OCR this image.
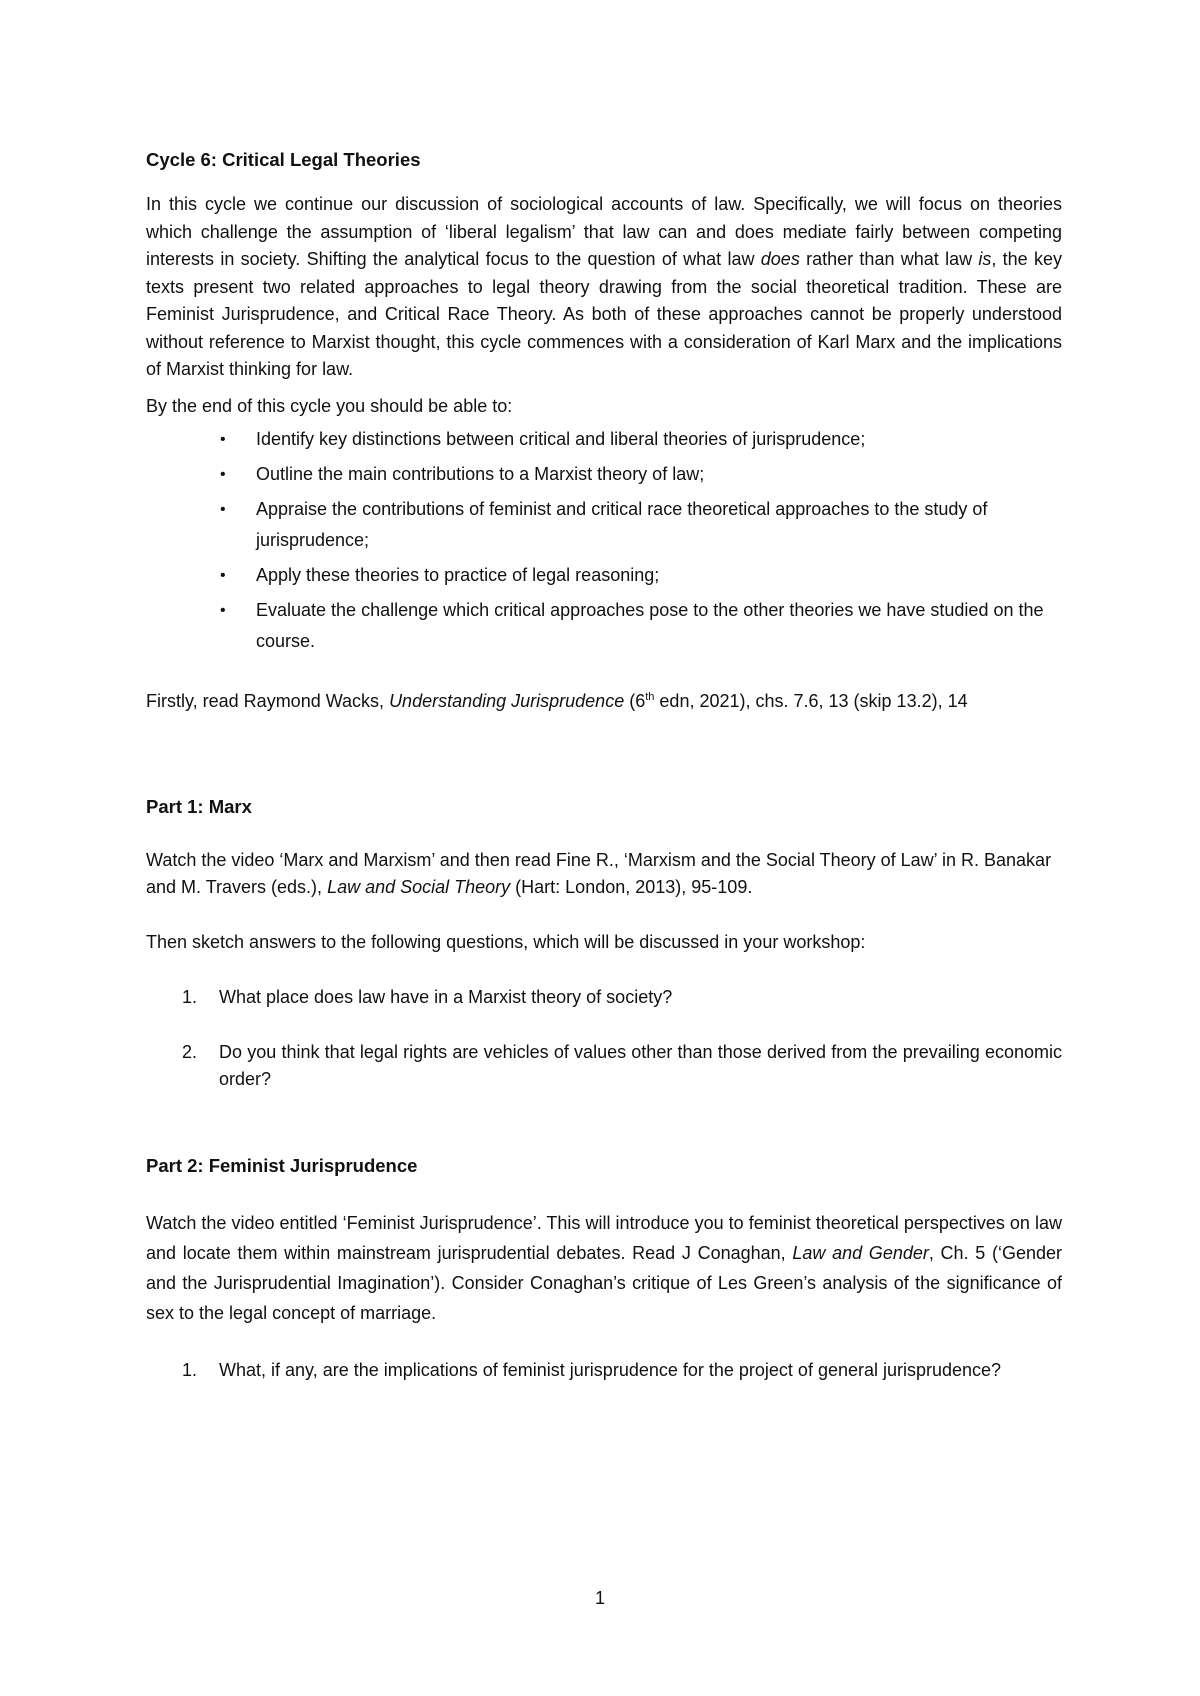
Cycle 6: Critical Legal Theories

In this cycle we continue our discussion of sociological accounts of law. Specifically, we will focus on theories which challenge the assumption of ‘liberal legalism’ that law can and does mediate fairly between competing interests in society. Shifting the analytical focus to the question of what law does rather than what law is, the key texts present two related approaches to legal theory drawing from the social theoretical tradition. These are Feminist Jurisprudence, and Critical Race Theory. As both of these approaches cannot be properly understood without reference to Marxist thought, this cycle commences with a consideration of Karl Marx and the implications of Marxist thinking for law.

By the end of this cycle you should be able to:

• Identify key distinctions between critical and liberal theories of jurisprudence;
• Outline the main contributions to a Marxist theory of law;
• Appraise the contributions of feminist and critical race theoretical approaches to the study of jurisprudence;
• Apply these theories to practice of legal reasoning;
• Evaluate the challenge which critical approaches pose to the other theories we have studied on the course.

Firstly, read Raymond Wacks, Understanding Jurisprudence (6th edn, 2021), chs. 7.6, 13 (skip 13.2), 14

Part 1: Marx

Watch the video ‘Marx and Marxism’ and then read Fine R., ‘Marxism and the Social Theory of Law’ in R. Banakar and M. Travers (eds.), Law and Social Theory (Hart: London, 2013), 95-109.

Then sketch answers to the following questions, which will be discussed in your workshop:

1. What place does law have in a Marxist theory of society?
2. Do you think that legal rights are vehicles of values other than those derived from the prevailing economic order?
Part 2: Feminist Jurisprudence

Watch the video entitled ‘Feminist Jurisprudence’. This will introduce you to feminist theoretical perspectives on law and locate them within mainstream jurisprudential debates. Read J Conaghan, Law and Gender, Ch. 5 (‘Gender and the Jurisprudential Imagination’). Consider Conaghan’s critique of Les Green’s analysis of the significance of sex to the legal concept of marriage.

1. What, if any, are the implications of feminist jurisprudence for the project of general jurisprudence?
1
